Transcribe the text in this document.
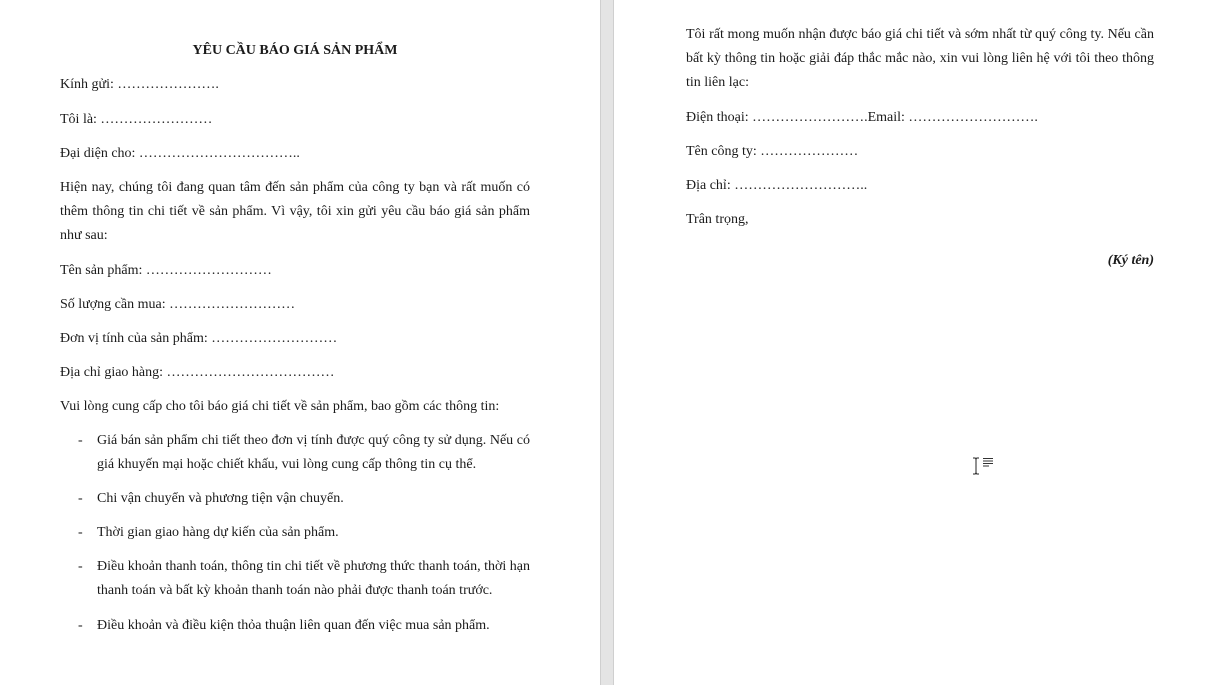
YÊU CẦU BÁO GIÁ SẢN PHẨM
Kính gửi: ………………….
Tôi là: ……………………
Đại diện cho: ……………………………..
Hiện nay, chúng tôi đang quan tâm đến sản phẩm của công ty bạn và rất muốn có thêm thông tin chi tiết về sản phẩm. Vì vậy, tôi xin gửi yêu cầu báo giá sản phẩm như sau:
Tên sản phẩm: ………………………
Số lượng cần mua: ………………………
Đơn vị tính của sản phẩm: ………………………
Địa chỉ giao hàng: ………………………………
Vui lòng cung cấp cho tôi báo giá chi tiết về sản phẩm, bao gồm các thông tin:
- Giá bán sản phẩm chi tiết theo đơn vị tính được quý công ty sử dụng. Nếu có giá khuyến mại hoặc chiết khấu, vui lòng cung cấp thông tin cụ thể.
- Chi vận chuyển và phương tiện vận chuyển.
- Thời gian giao hàng dự kiến của sản phẩm.
- Điều khoản thanh toán, thông tin chi tiết về phương thức thanh toán, thời hạn thanh toán và bất kỳ khoản thanh toán nào phải được thanh toán trước.
- Điều khoản và điều kiện thỏa thuận liên quan đến việc mua sản phẩm.
Tôi rất mong muốn nhận được báo giá chi tiết và sớm nhất từ quý công ty. Nếu cần bất kỳ thông tin hoặc giải đáp thắc mắc nào, xin vui lòng liên hệ với tôi theo thông tin liên lạc:
Điện thoại: …………………….Email: ……………………….
Tên công ty: …………………
Địa chỉ: ………………………..
Trân trọng,
(Ký tên)
